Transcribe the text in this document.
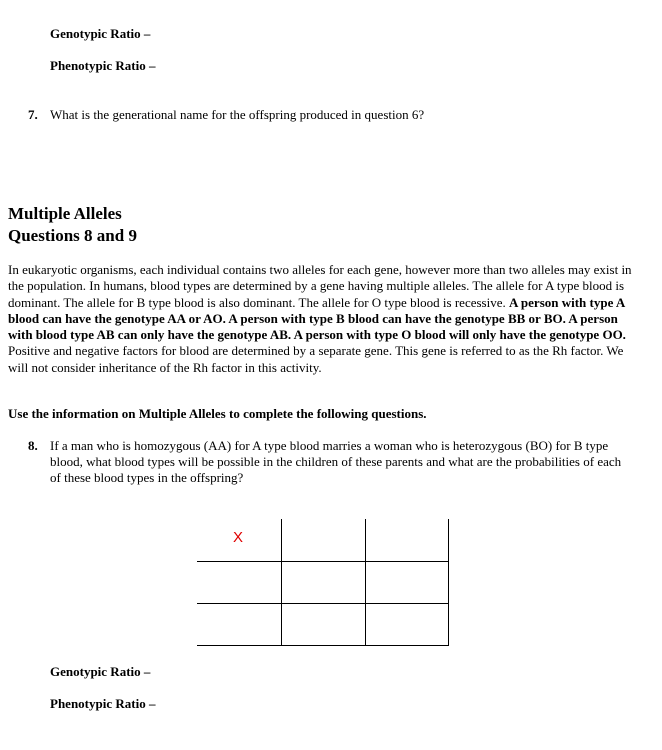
Genotypic Ratio –
Phenotypic Ratio –
7. What is the generational name for the offspring produced in question 6?
Multiple Alleles
Questions 8 and 9
In eukaryotic organisms, each individual contains two alleles for each gene, however more than two alleles may exist in the population. In humans, blood types are determined by a gene having multiple alleles. The allele for A type blood is dominant. The allele for B type blood is also dominant. The allele for O type blood is recessive. A person with type A blood can have the genotype AA or AO. A person with type B blood can have the genotype BB or BO. A person with blood type AB can only have the genotype AB. A person with type O blood will only have the genotype OO. Positive and negative factors for blood are determined by a separate gene. This gene is referred to as the Rh factor. We will not consider inheritance of the Rh factor in this activity.
Use the information on Multiple Alleles to complete the following questions.
8. If a man who is homozygous (AA) for A type blood marries a woman who is heterozygous (BO) for B type blood, what blood types will be possible in the children of these parents and what are the probabilities of each of these blood types in the offspring?
X
Genotypic Ratio –
Phenotypic Ratio –
